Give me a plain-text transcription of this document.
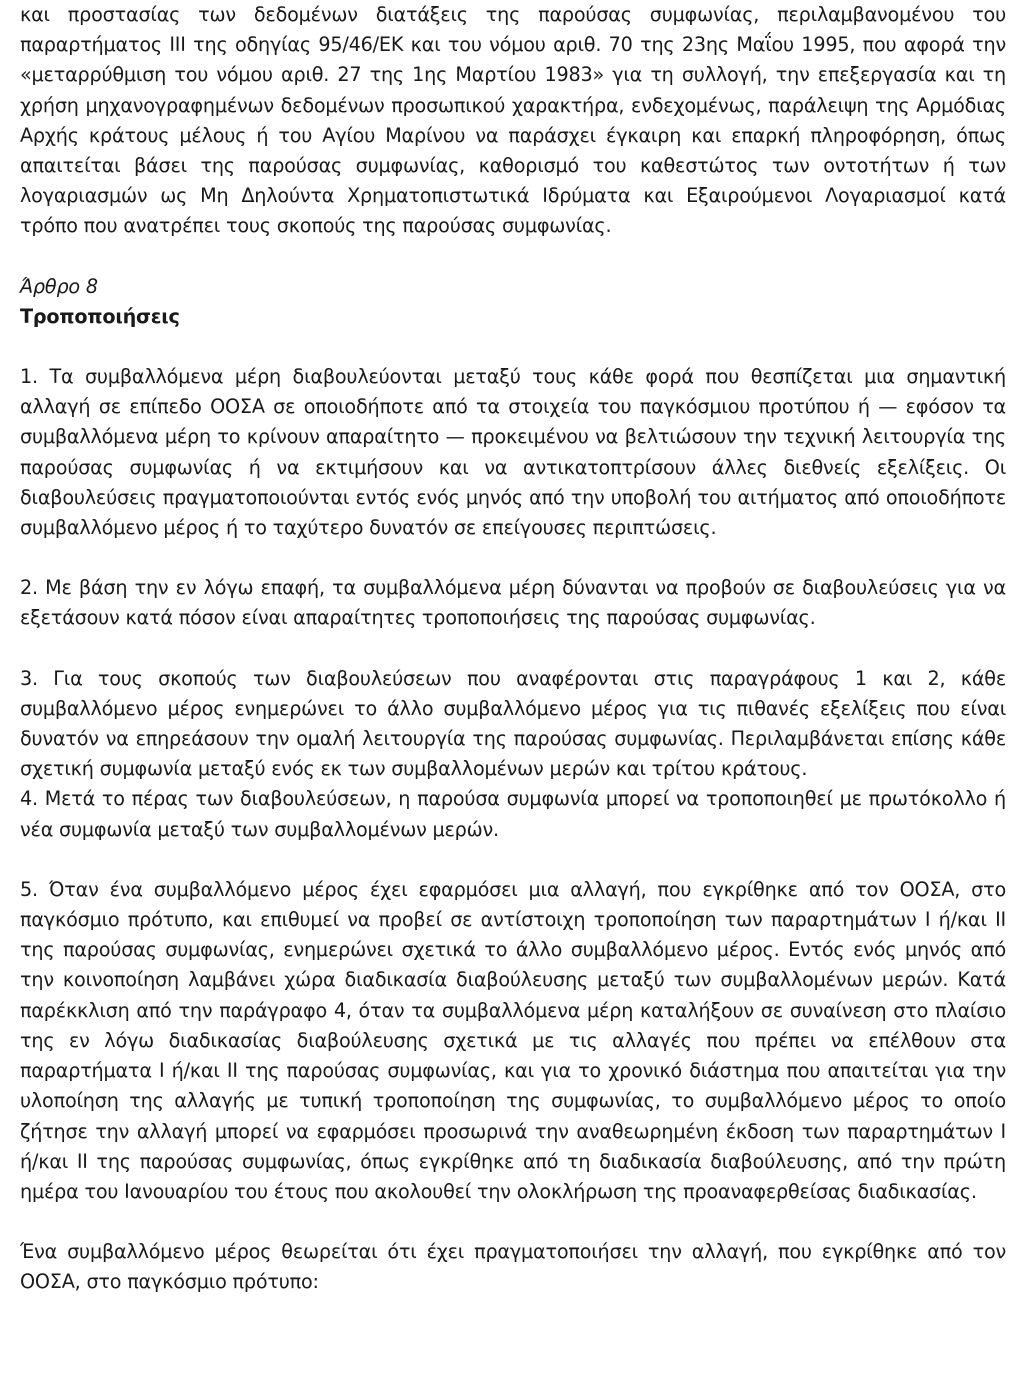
και προστασίας των δεδομένων διατάξεις της παρούσας συμφωνίας, περιλαμβανομένου του παραρτήματος ΙΙΙ της οδηγίας 95/46/ΕΚ και του νόμου αριθ. 70 της 23ης Μαΐου 1995, που αφορά την «μεταρρύθμιση του νόμου αριθ. 27 της 1ης Μαρτίου 1983» για τη συλλογή, την επεξεργασία και τη χρήση μηχανογραφημένων δεδομένων προσωπικού χαρακτήρα, ενδεχομένως, παράλειψη της Αρμόδιας Αρχής κράτους μέλους ή του Αγίου Μαρίνου να παράσχει έγκαιρη και επαρκή πληροφόρηση, όπως απαιτείται βάσει της παρούσας συμφωνίας, καθορισμό του καθεστώτος των οντοτήτων ή των λογαριασμών ως Μη Δηλούντα Χρηματοπιστωτικά Ιδρύματα και Εξαιρούμενοι Λογαριασμοί κατά τρόπο που ανατρέπει τους σκοπούς της παρούσας συμφωνίας.

Άρθρο 8

Τροποποιήσεις

1. Τα συμβαλλόμενα μέρη διαβουλεύονται μεταξύ τους κάθε φορά που θεσπίζεται μια σημαντική αλλαγή σε επίπεδο ΟΟΣΑ σε οποιοδήποτε από τα στοιχεία του παγκόσμιου προτύπου ή — εφόσον τα συμβαλλόμενα μέρη το κρίνουν απαραίτητο — προκειμένου να βελτιώσουν την τεχνική λειτουργία της παρούσας συμφωνίας ή να εκτιμήσουν και να αντικατοπτρίσουν άλλες διεθνείς εξελίξεις. Οι διαβουλεύσεις πραγματοποιούνται εντός ενός μηνός από την υποβολή του αιτήματος από οποιοδήποτε συμβαλλόμενο μέρος ή το ταχύτερο δυνατόν σε επείγουσες περιπτώσεις.

2. Με βάση την εν λόγω επαφή, τα συμβαλλόμενα μέρη δύνανται να προβούν σε διαβουλεύσεις για να εξετάσουν κατά πόσον είναι απαραίτητες τροποποιήσεις της παρούσας συμφωνίας.

3. Για τους σκοπούς των διαβουλεύσεων που αναφέρονται στις παραγράφους 1 και 2, κάθε συμβαλλόμενο μέρος ενημερώνει το άλλο συμβαλλόμενο μέρος για τις πιθανές εξελίξεις που είναι δυνατόν να επηρεάσουν την ομαλή λειτουργία της παρούσας συμφωνίας. Περιλαμβάνεται επίσης κάθε σχετική συμφωνία μεταξύ ενός εκ των συμβαλλομένων μερών και τρίτου κράτους.

4. Μετά το πέρας των διαβουλεύσεων, η παρούσα συμφωνία μπορεί να τροποποιηθεί με πρωτόκολλο ή νέα συμφωνία μεταξύ των συμβαλλομένων μερών.

5. Όταν ένα συμβαλλόμενο μέρος έχει εφαρμόσει μια αλλαγή, που εγκρίθηκε από τον ΟΟΣΑ, στο παγκόσμιο πρότυπο, και επιθυμεί να προβεί σε αντίστοιχη τροποποίηση των παραρτημάτων Ι ή/και ΙΙ της παρούσας συμφωνίας, ενημερώνει σχετικά το άλλο συμβαλλόμενο μέρος. Εντός ενός μηνός από την κοινοποίηση λαμβάνει χώρα διαδικασία διαβούλευσης μεταξύ των συμβαλλομένων μερών. Κατά παρέκκλιση από την παράγραφο 4, όταν τα συμβαλλόμενα μέρη καταλήξουν σε συναίνεση στο πλαίσιο της εν λόγω διαδικασίας διαβούλευσης σχετικά με τις αλλαγές που πρέπει να επέλθουν στα παραρτήματα Ι ή/και ΙΙ της παρούσας συμφωνίας, και για το χρονικό διάστημα που απαιτείται για την υλοποίηση της αλλαγής με τυπική τροποποίηση της συμφωνίας, το συμβαλλόμενο μέρος το οποίο ζήτησε την αλλαγή μπορεί να εφαρμόσει προσωρινά την αναθεωρημένη έκδοση των παραρτημάτων Ι ή/και ΙΙ της παρούσας συμφωνίας, όπως εγκρίθηκε από τη διαδικασία διαβούλευσης, από την πρώτη ημέρα του Ιανουαρίου του έτους που ακολουθεί την ολοκλήρωση της προαναφερθείσας διαδικασίας.

Ένα συμβαλλόμενο μέρος θεωρείται ότι έχει πραγματοποιήσει την αλλαγή, που εγκρίθηκε από τον ΟΟΣΑ, στο παγκόσμιο πρότυπο:
